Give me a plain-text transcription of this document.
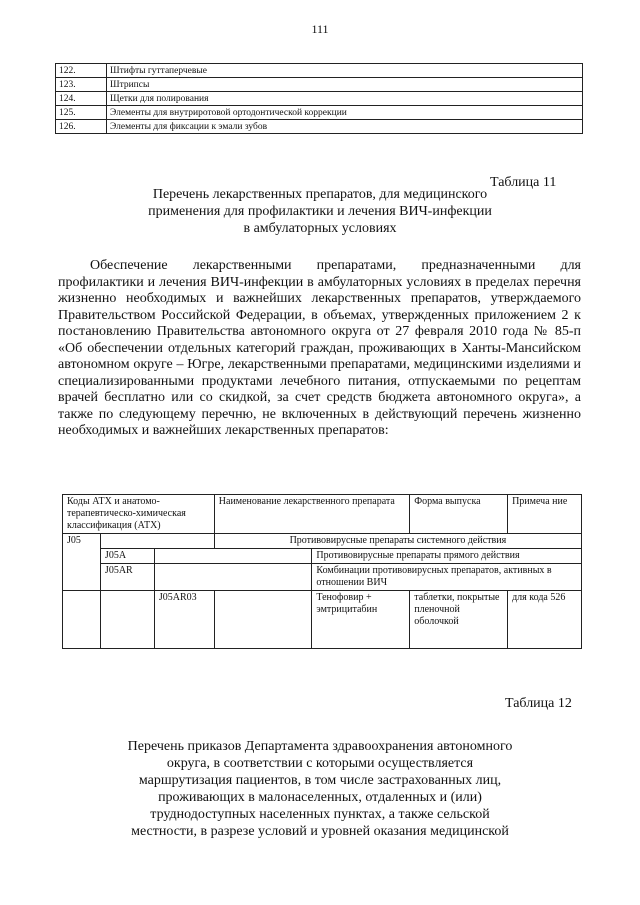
111
122.	Штифты гуттаперчевые
123.	Штрипсы
124.	Щетки для полирования
125.	Элементы для внутриротовой ортодонтической коррекции
126.	Элементы для фиксации к эмали зубов
Таблица 11
Перечень лекарственных препаратов, для медицинского
применения для профилактики и лечения ВИЧ-инфекции
в амбулаторных условиях
Обеспечение лекарственными препаратами, предназначенными для профилактики и лечения ВИЧ-инфекции в амбулаторных условиях в пределах перечня жизненно необходимых и важнейших лекарственных препаратов, утверждаемого Правительством Российской Федерации, в объемах, утвержденных приложением 2 к постановлению Правительства автономного округа от 27 февраля 2010 года № 85-п «Об обеспечении отдельных категорий граждан, проживающих в Ханты-Мансийском автономном округе – Югре, лекарственными препаратами, медицинскими изделиями и специализированными продуктами лечебного питания, отпускаемыми по рецептам врачей бесплатно или со скидкой, за счет средств бюджета автономного округа», а также по следующему перечню, не включенных в действующий перечень жизненно необходимых и важнейших лекарственных препаратов:
Коды АТХ и анатомо-терапевтическо-химическая классификация (АТХ)			Наименование лекарственного препарата		Форма выпуска	Примеча ние
J05			Противовирусные препараты системного действия			
	J05A			Противовирусные препараты прямого действия		
	J05AR			Комбинации противовирусных препаратов, активных в отношении ВИЧ		
		J05AR03		Тенофовир + эмтрицитабин	таблетки, покрытые пленочной оболочкой	для кода 526
Таблица 12
Перечень приказов Департамента здравоохранения автономного
округа, в соответствии с которыми осуществляется
маршрутизация пациентов, в том числе застрахованных лиц,
проживающих в малонаселенных, отдаленных и (или)
труднодоступных населенных пунктах, а также сельской
местности, в разрезе условий и уровней оказания медицинской
